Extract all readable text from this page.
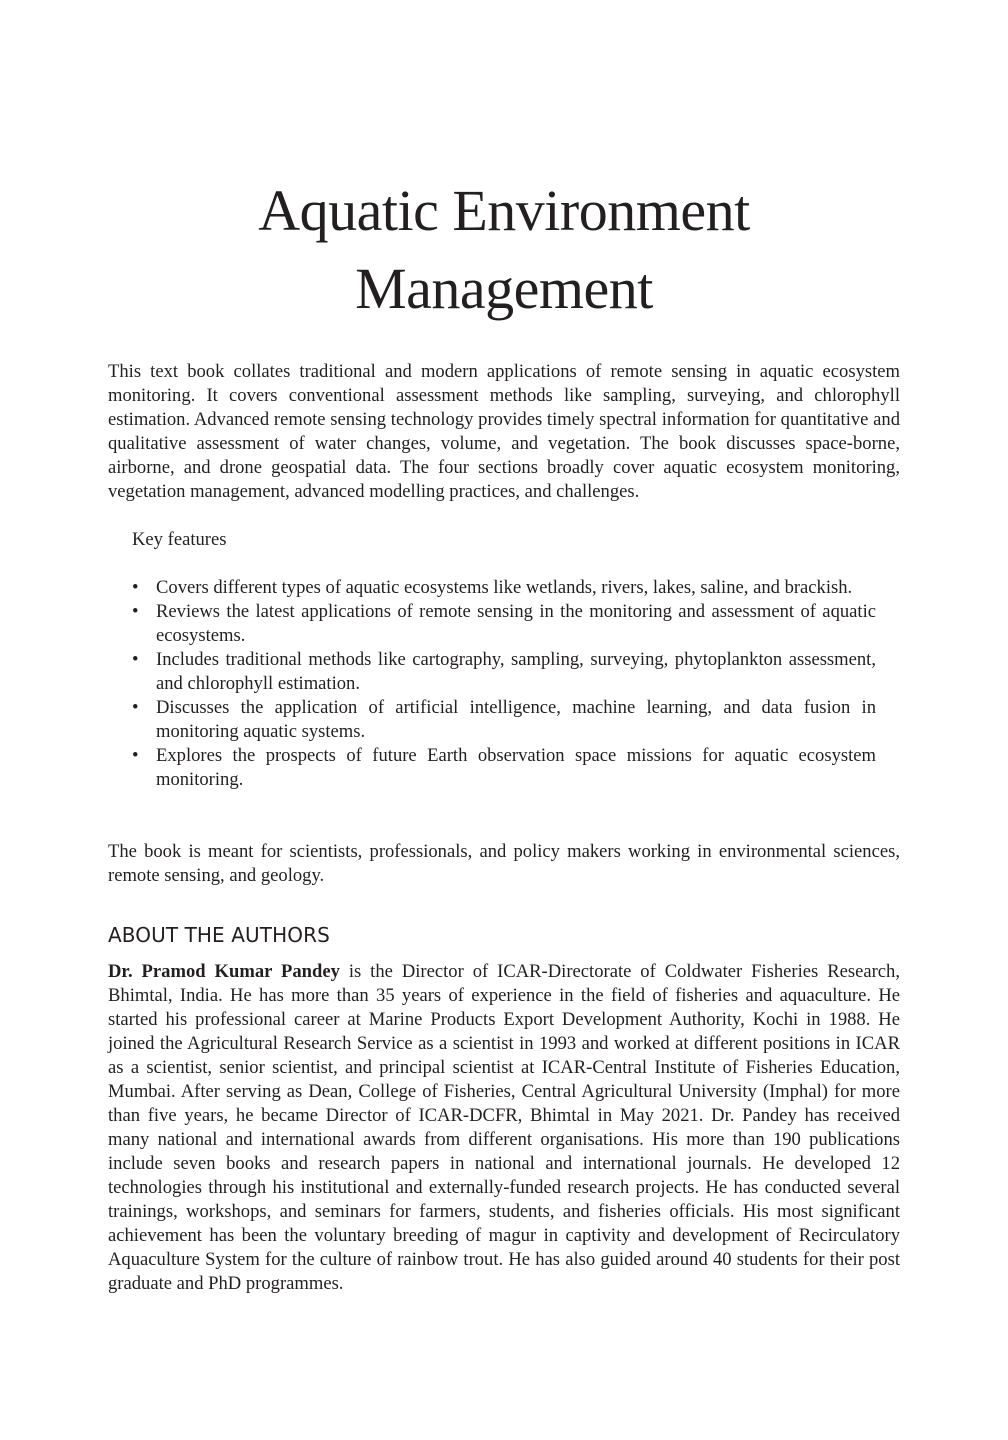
Aquatic Environment
Management

This text book collates traditional and modern applications of remote sensing in aquatic ecosystem monitoring. It covers conventional assessment methods like sampling, surveying, and chlorophyll estimation. Advanced remote sensing technology provides timely spectral information for quantitative and qualitative assessment of water changes, volume, and vegetation. The book discusses space-borne, airborne, and drone geospatial data. The four sections broadly cover aquatic ecosystem monitoring, vegetation management, advanced modelling practices, and challenges.

Key features

• Covers different types of aquatic ecosystems like wetlands, rivers, lakes, saline, and brackish.
• Reviews the latest applications of remote sensing in the monitoring and assessment of aquatic ecosystems.
• Includes traditional methods like cartography, sampling, surveying, phytoplankton assessment, and chlorophyll estimation.
• Discusses the application of artificial intelligence, machine learning, and data fusion in monitoring aquatic systems.
• Explores the prospects of future Earth observation space missions for aquatic ecosystem monitoring.

The book is meant for scientists, professionals, and policy makers working in environmental sciences, remote sensing, and geology.

ABOUT THE AUTHORS

Dr. Pramod Kumar Pandey is the Director of ICAR-Directorate of Coldwater Fisheries Research, Bhimtal, India. He has more than 35 years of experience in the field of fisheries and aquaculture. He started his professional career at Marine Products Export Development Authority, Kochi in 1988. He joined the Agricultural Research Service as a scientist in 1993 and worked at different positions in ICAR as a scientist, senior scientist, and principal scientist at ICAR-Central Institute of Fisheries Education, Mumbai. After serving as Dean, College of Fisheries, Central Agricultural University (Imphal) for more than five years, he became Director of ICAR-DCFR, Bhimtal in May 2021. Dr. Pandey has received many national and international awards from different organisations. His more than 190 publications include seven books and research papers in national and international journals. He developed 12 technologies through his institutional and externally-funded research projects. He has conducted several trainings, workshops, and seminars for farmers, students, and fisheries officials. His most significant achievement has been the voluntary breeding of magur in captivity and development of Recirculatory Aquaculture System for the culture of rainbow trout. He has also guided around 40 students for their post graduate and PhD programmes.
